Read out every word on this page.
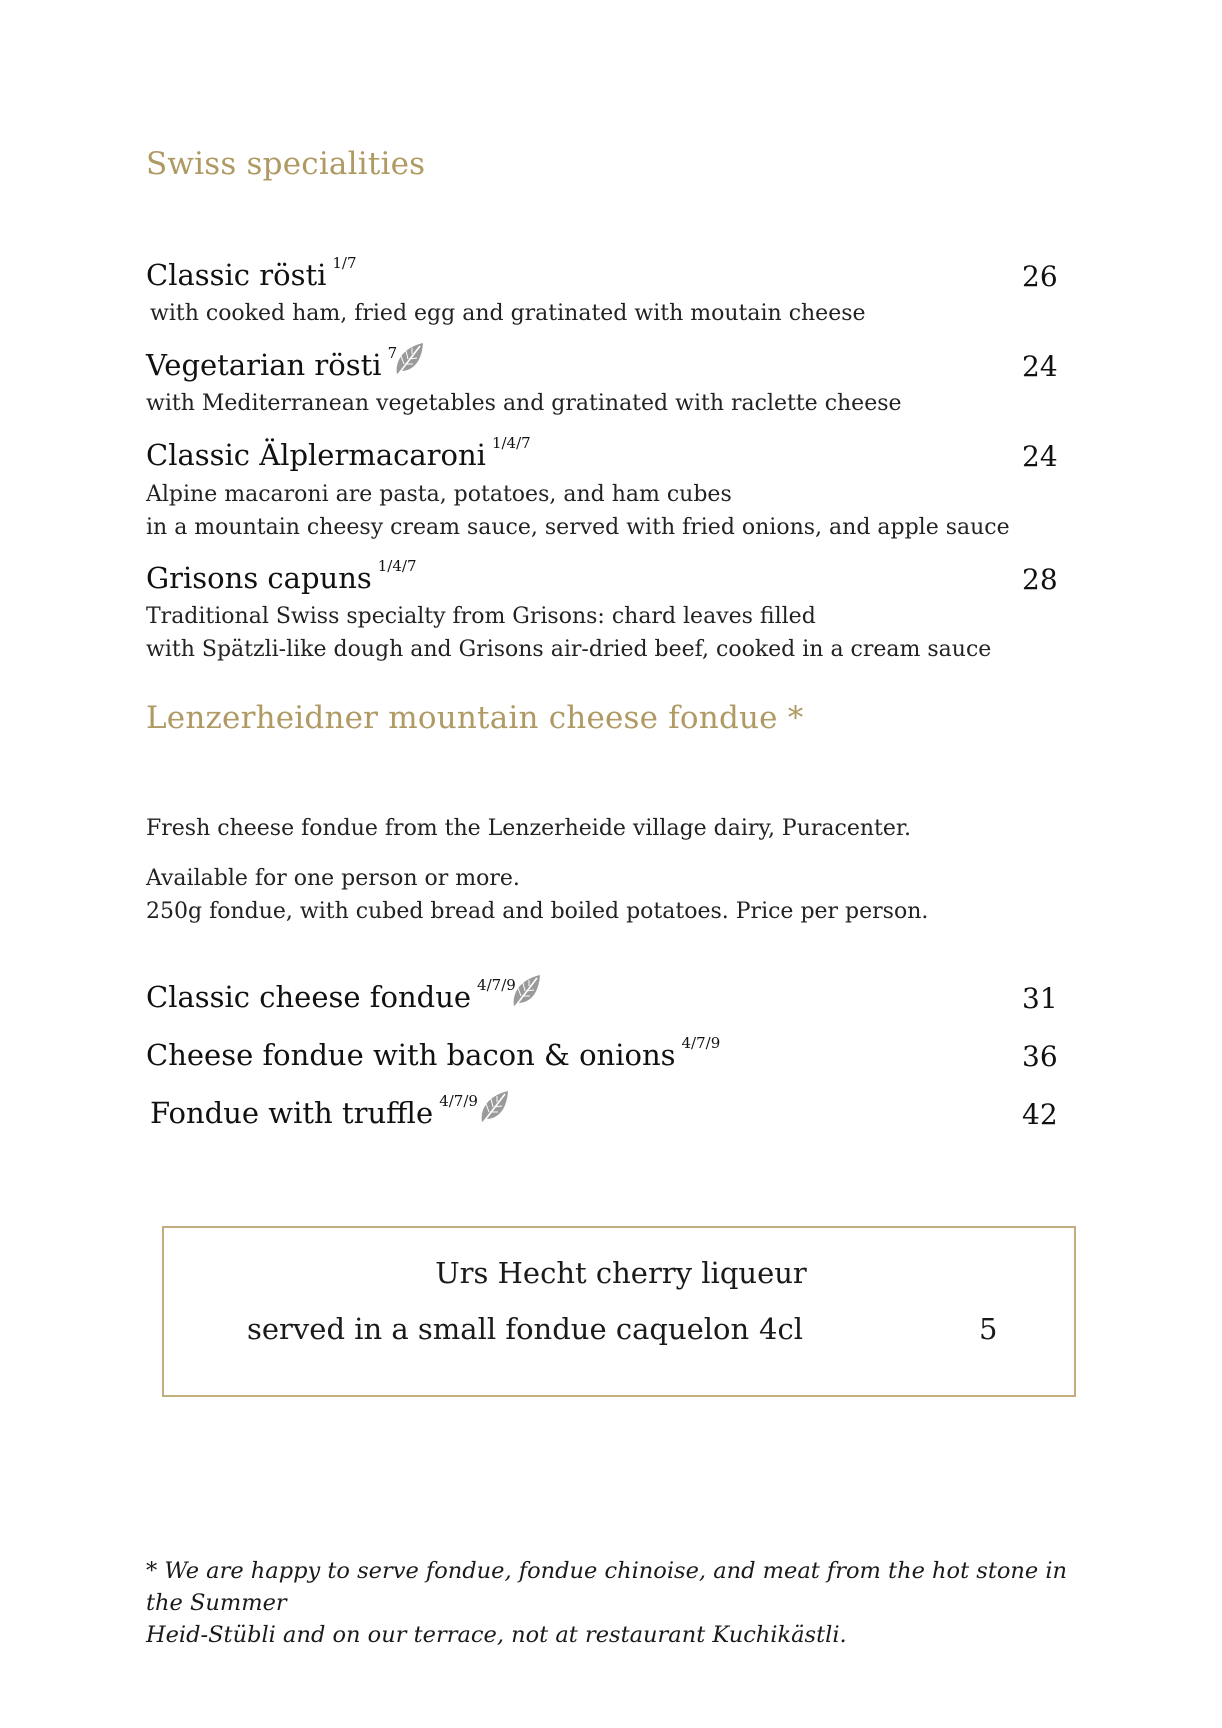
Swiss specialities
Classic rösti $^{1/7}$	26
with cooked ham, fried egg and gratinated with moutain cheese
Vegetarian rösti $^7$	24
with Mediterranean vegetables and gratinated with raclette cheese
Classic Älplermacaroni $^{1/4/7}$	24
Alpine macaroni are pasta, potatoes, and ham cubes
in a mountain cheesy cream sauce, served with fried onions, and apple sauce
Grisons capuns $^{1/4/7}$	28
Traditional Swiss specialty from Grisons: chard leaves filled
with Spätzli-like dough and Grisons air-dried beef, cooked in a cream sauce
Lenzerheidner mountain cheese fondue *
Fresh cheese fondue from the Lenzerheide village dairy, Puracenter.
Available for one person or more.
250g fondue, with cubed bread and boiled potatoes. Price per person.
Classic cheese fondue $^{4/7/9}$	31
Cheese fondue with bacon & onions $^{4/7/9}$	36
Fondue with truffle $^{4/7/9}$	42
Urs Hecht cherry liqueur
served in a small fondue caquelon 4cl	5
* We are happy to serve fondue, fondue chinoise, and meat from the hot stone in the Summer
Heid-Stübli and on our terrace, not at restaurant Kuchikästli.
